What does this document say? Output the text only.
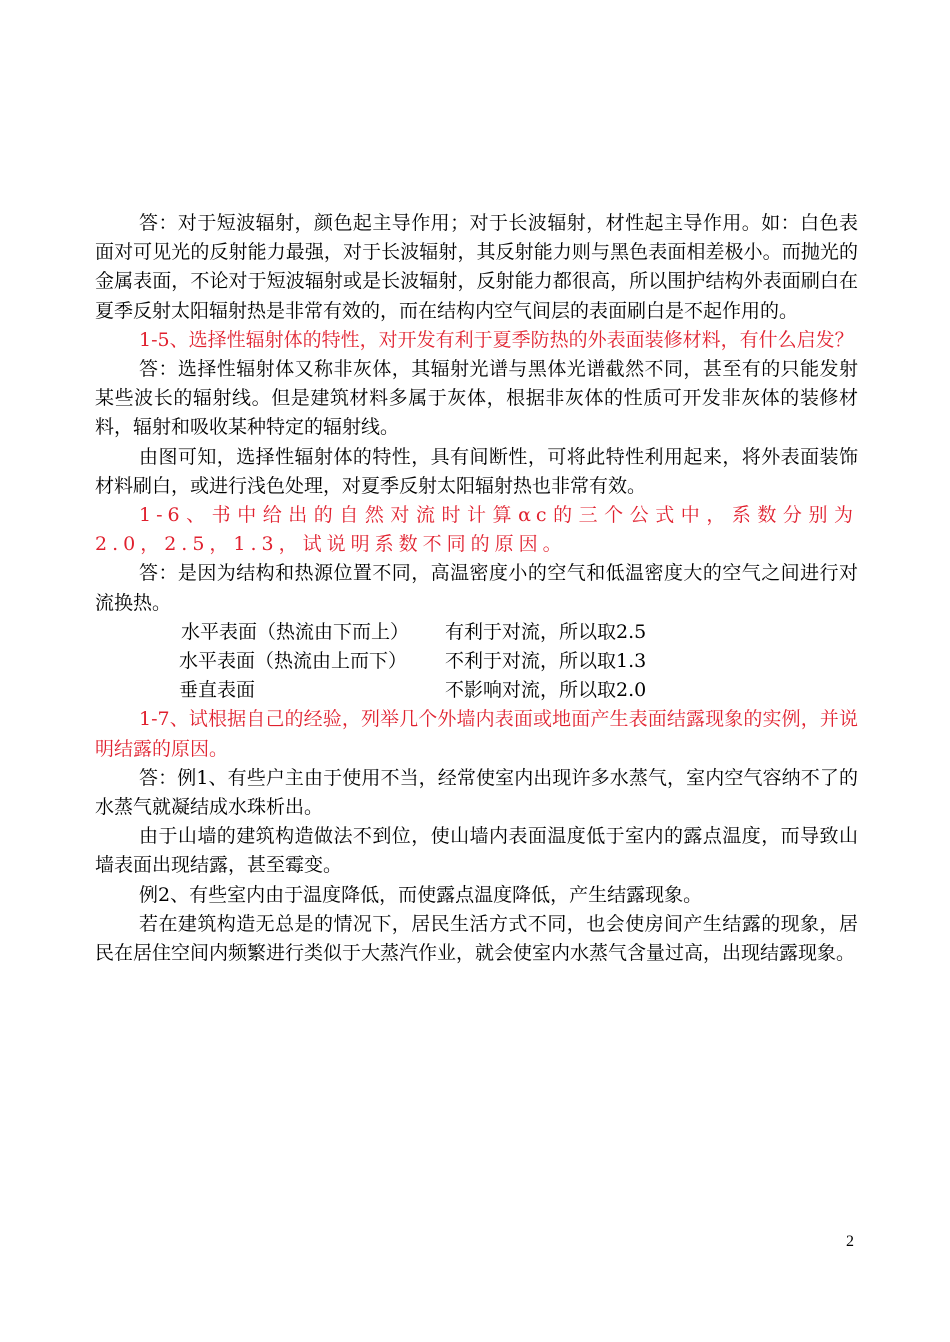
答：对于短波辐射，颜色起主导作用；对于长波辐射，材性起主导作用。如：白色表面对可见光的反射能力最强，对于长波辐射，其反射能力则与黑色表面相差极小。而抛光的金属表面，不论对于短波辐射或是长波辐射，反射能力都很高，所以围护结构外表面刷白在夏季反射太阳辐射热是非常有效的，而在结构内空气间层的表面刷白是不起作用的。

1-5、选择性辐射体的特性，对开发有利于夏季防热的外表面装修材料，有什么启发？

答：选择性辐射体又称非灰体，其辐射光谱与黑体光谱截然不同，甚至有的只能发射某些波长的辐射线。但是建筑材料多属于灰体，根据非灰体的性质可开发非灰体的装修材料，辐射和吸收某种特定的辐射线。

由图可知，选择性辐射体的特性，具有间断性，可将此特性利用起来，将外表面装饰材料刷白，或进行浅色处理，对夏季反射太阳辐射热也非常有效。

1-6、书中给出的自然对流时计算αc的三个公式中，系数分别为2.0，2.5，1.3，试说明系数不同的原因。

答：是因为结构和热源位置不同，高温密度小的空气和低温密度大的空气之间进行对流换热。

水平表面（热流由下而上） 有利于对流，所以取2.5
水平表面（热流由上而下） 不利于对流，所以取1.3
垂直表面	不影响对流，所以取2.0

1-7、试根据自己的经验，列举几个外墙内表面或地面产生表面结露现象的实例，并说明结露的原因。

答：例1、有些户主由于使用不当，经常使室内出现许多水蒸气，室内空气容纳不了的水蒸气就凝结成水珠析出。

由于山墙的建筑构造做法不到位，使山墙内表面温度低于室内的露点温度，而导致山墙表面出现结露，甚至霉变。

例2、有些室内由于温度降低，而使露点温度降低，产生结露现象。

若在建筑构造无总是的情况下，居民生活方式不同，也会使房间产生结露的现象，居民在居住空间内频繁进行类似于大蒸汽作业，就会使室内水蒸气含量过高，出现结露现象。

2
